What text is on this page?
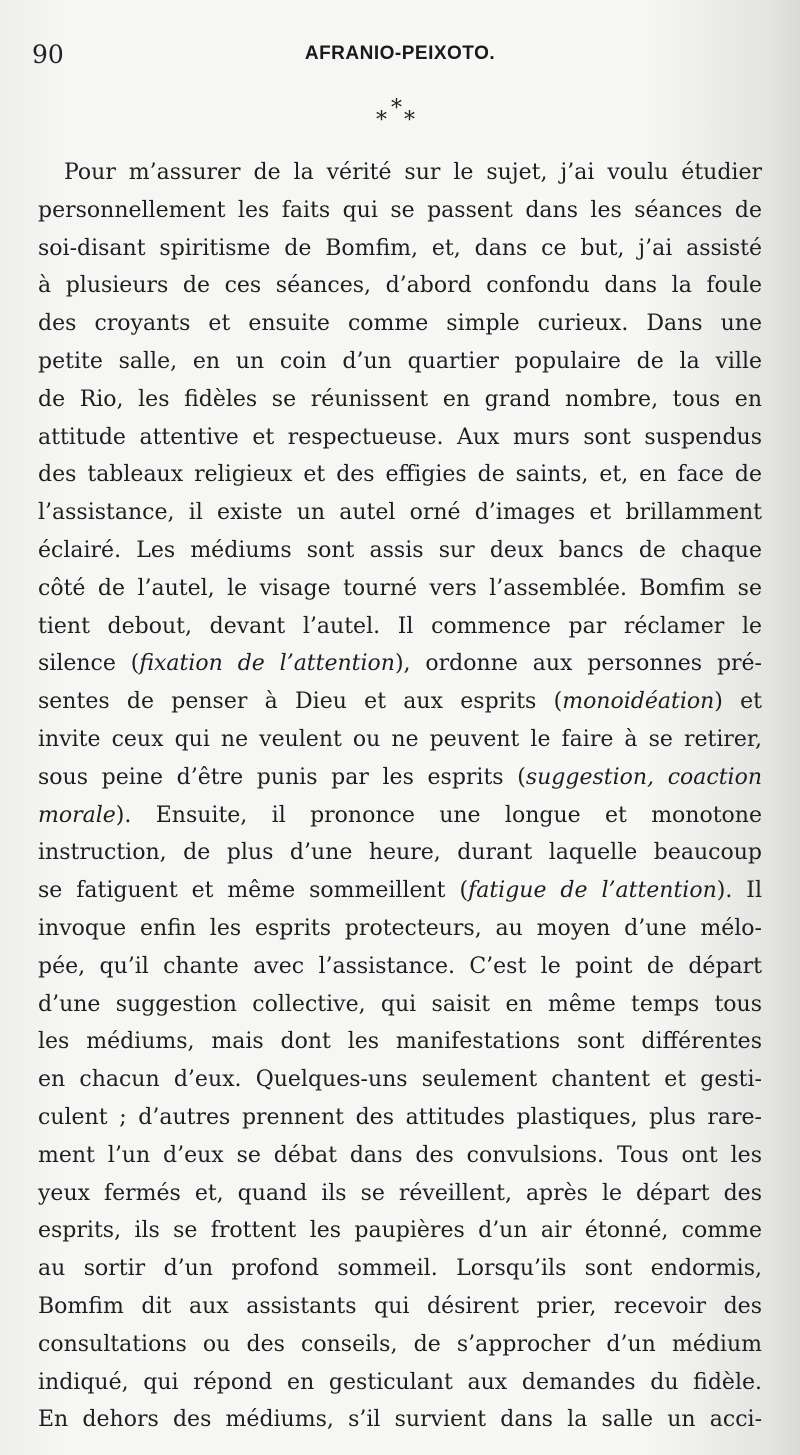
90	AFRANIO-PEIXOTO.
*
* *
Pour m’assurer de la vérité sur le sujet, j’ai voulu étudier
personnellement les faits qui se passent dans les séances de
soi-disant spiritisme de Bomfim, et, dans ce but, j’ai assisté
à plusieurs de ces séances, d’abord confondu dans la foule
des croyants et ensuite comme simple curieux. Dans une
petite salle, en un coin d’un quartier populaire de la ville
de Rio, les fidèles se réunissent en grand nombre, tous en
attitude attentive et respectueuse. Aux murs sont suspendus
des tableaux religieux et des effigies de saints, et, en face de
l’assistance, il existe un autel orné d’images et brillamment
éclairé. Les médiums sont assis sur deux bancs de chaque
côté de l’autel, le visage tourné vers l’assemblée. Bomfim se
tient debout, devant l’autel. Il commence par réclamer le
silence (fixation de l’attention), ordonne aux personnes pré-
sentes de penser à Dieu et aux esprits (monoidéation) et
invite ceux qui ne veulent ou ne peuvent le faire à se retirer,
sous peine d’être punis par les esprits (suggestion, coaction
morale). Ensuite, il prononce une longue et monotone
instruction, de plus d’une heure, durant laquelle beaucoup
se fatiguent et même sommeillent (fatigue de l’attention). Il
invoque enfin les esprits protecteurs, au moyen d’une mélo-
pée, qu’il chante avec l’assistance. C’est le point de départ
d’une suggestion collective, qui saisit en même temps tous
les médiums, mais dont les manifestations sont différentes
en chacun d’eux. Quelques-uns seulement chantent et gesti-
culent ; d’autres prennent des attitudes plastiques, plus rare-
ment l’un d’eux se débat dans des convulsions. Tous ont les
yeux fermés et, quand ils se réveillent, après le départ des
esprits, ils se frottent les paupières d’un air étonné, comme
au sortir d’un profond sommeil. Lorsqu’ils sont endormis,
Bomfim dit aux assistants qui désirent prier, recevoir des
consultations ou des conseils, de s’approcher d’un médium
indiqué, qui répond en gesticulant aux demandes du fidèle.
En dehors des médiums, s’il survient dans la salle un acci-
